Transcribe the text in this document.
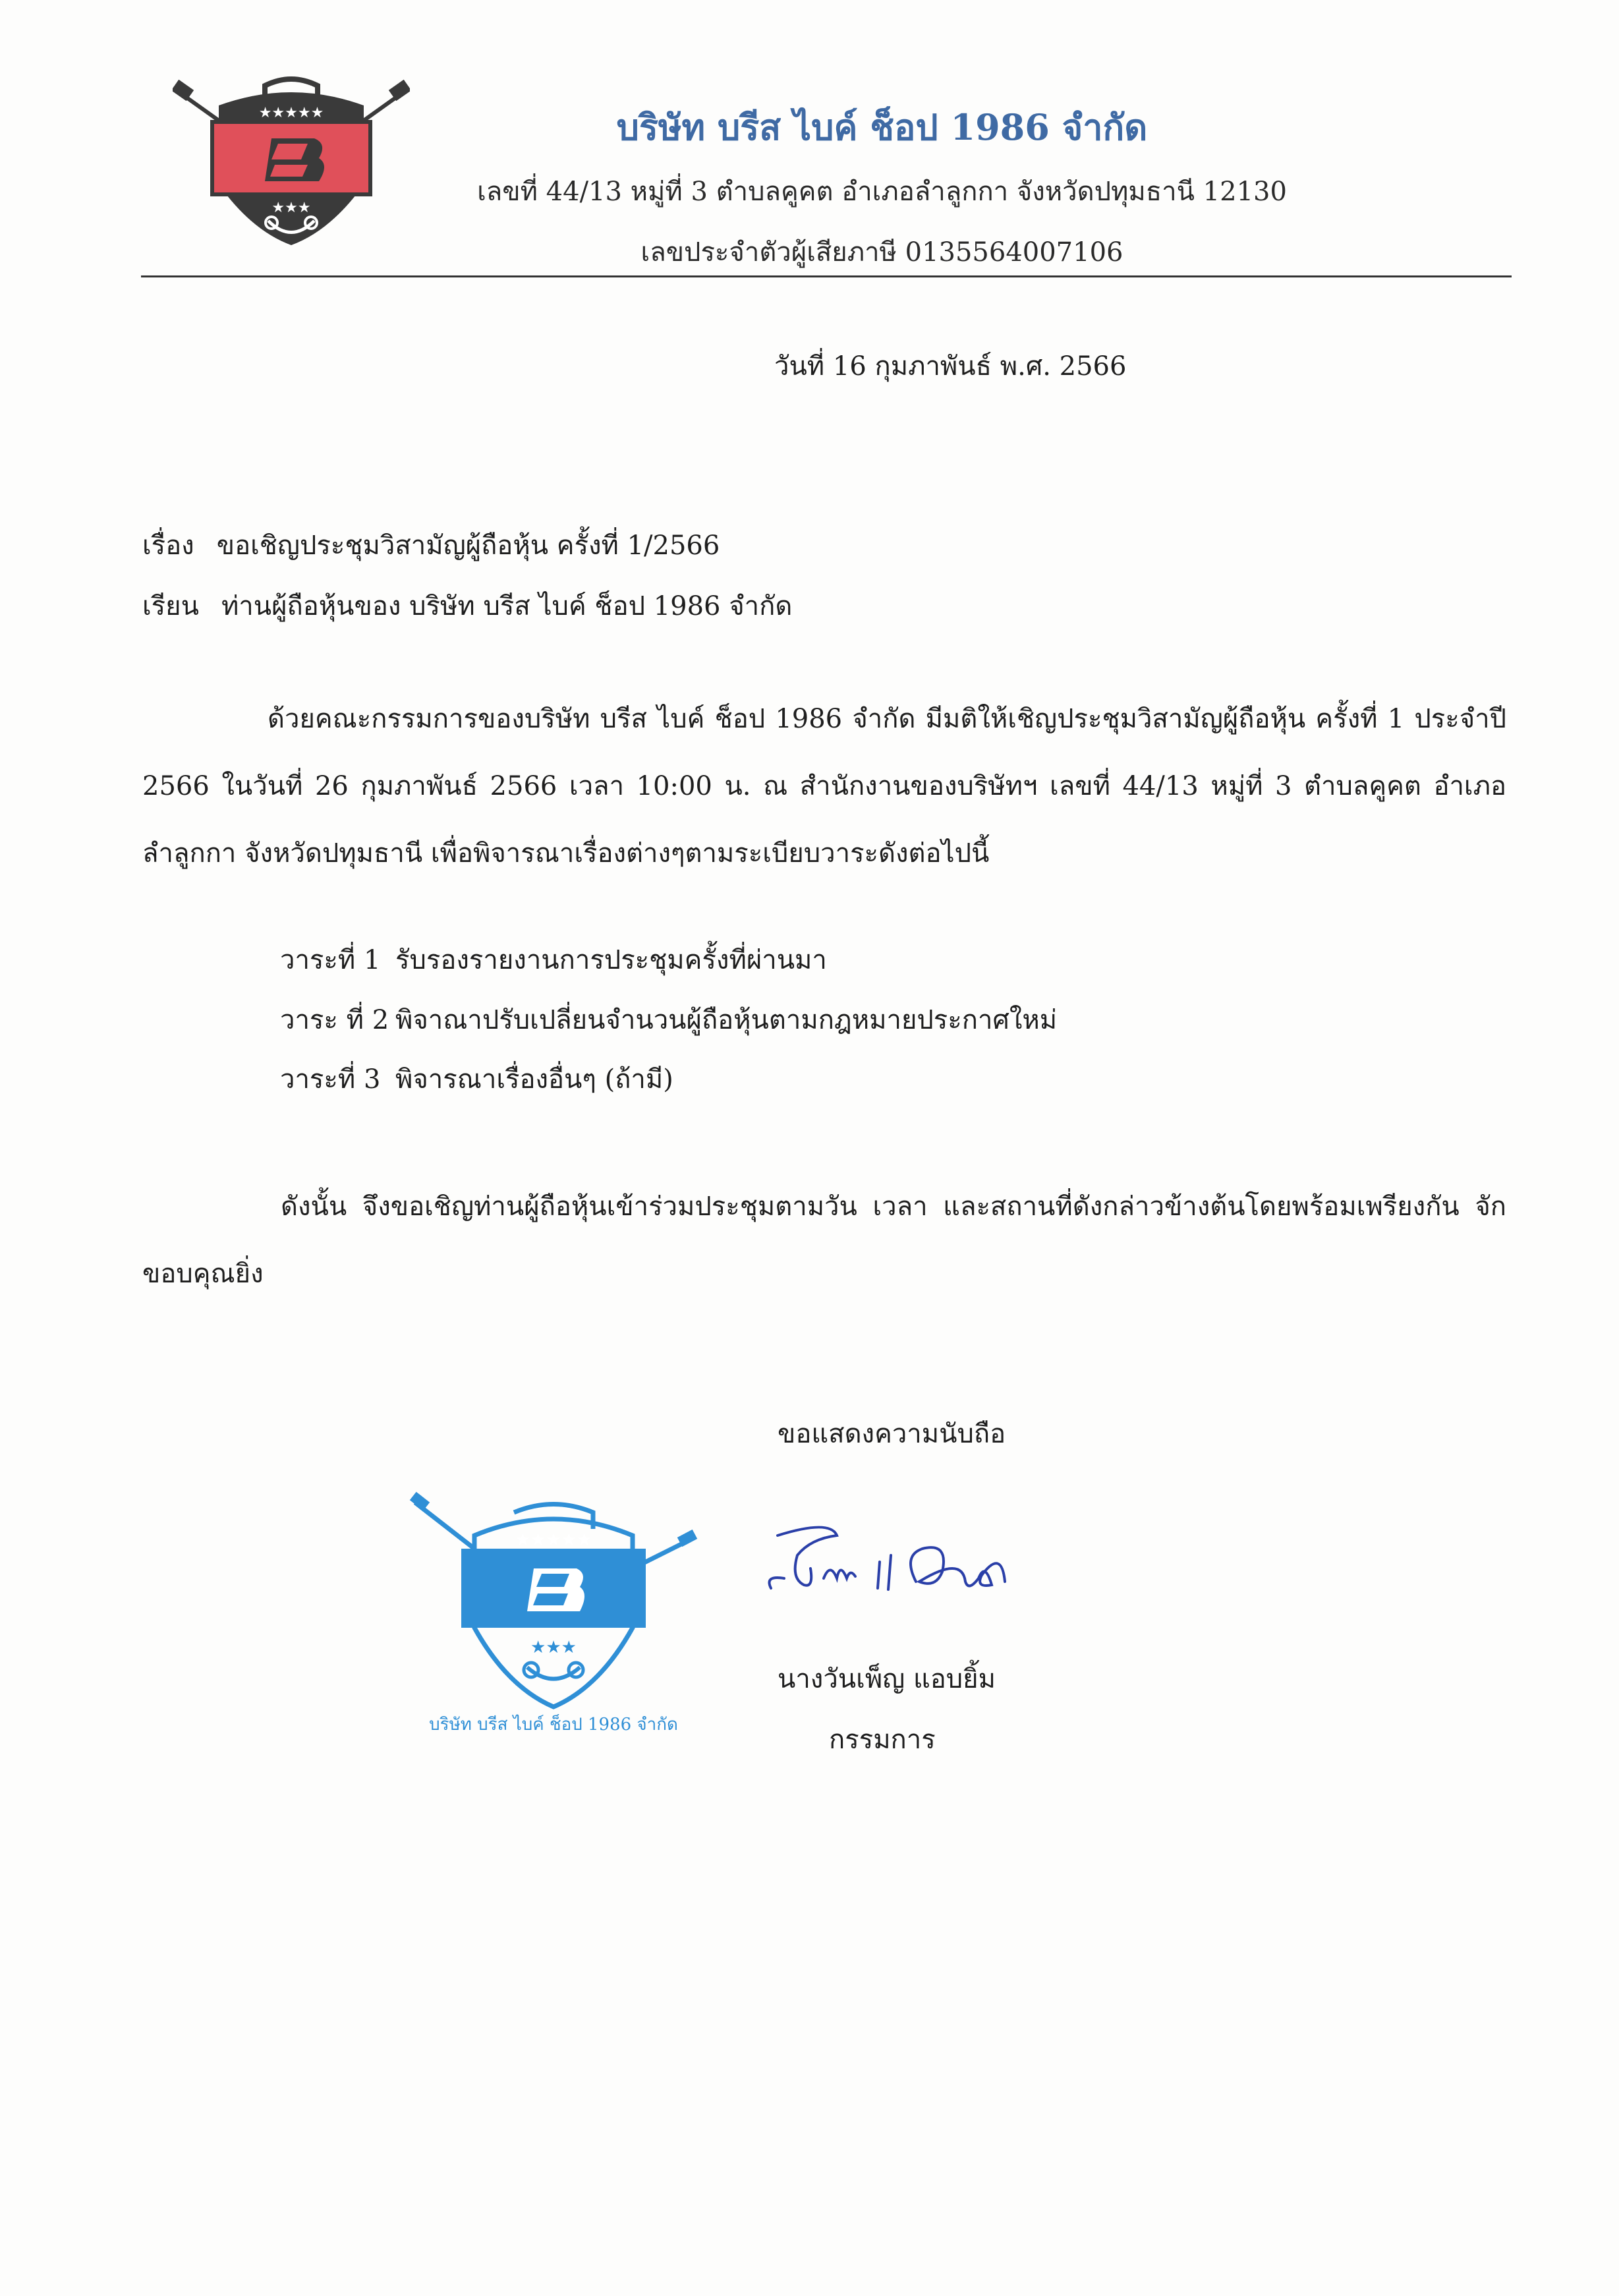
★★★★★
★★★
บริษัท บรีส ไบค์ ช็อป 1986 จำกัด
เลขที่ 44/13 หมู่ที่ 3 ตำบลคูคต อำเภอลำลูกกา จังหวัดปทุมธานี 12130
เลขประจำตัวผู้เสียภาษี 0135564007106
วันที่ 16 กุมภาพันธ์ พ.ศ. 2566
เรื่อง ขอเชิญประชุมวิสามัญผู้ถือหุ้น ครั้งที่ 1/2566
เรียน ท่านผู้ถือหุ้นของ บริษัท บรีส ไบค์ ช็อป 1986 จำกัด
ด้วยคณะกรรมการของบริษัท บรีส ไบค์ ช็อป 1986 จำกัด มีมติให้เชิญประชุมวิสามัญผู้ถือหุ้น ครั้งที่ 1 ประจำปี 2566 ในวันที่ 26 กุมภาพันธ์ 2566 เวลา 10:00 น. ณ สำนักงานของบริษัทฯ เลขที่ 44/13 หมู่ที่ 3 ตำบลคูคต อำเภอลำลูกกา จังหวัดปทุมธานี เพื่อพิจารณาเรื่องต่างๆตามระเบียบวาระดังต่อไปนี้
วาระที่ 1 รับรองรายงานการประชุมครั้งที่ผ่านมา
วาระ ที่ 2 พิจาณาปรับเปลี่ยนจำนวนผู้ถือหุ้นตามกฎหมายประกาศใหม่
วาระที่ 3 พิจารณาเรื่องอื่นๆ (ถ้ามี)
ดังนั้น จึงขอเชิญท่านผู้ถือหุ้นเข้าร่วมประชุมตามวัน เวลา และสถานที่ดังกล่าวข้างต้นโดยพร้อมเพรียงกัน จักขอบคุณยิ่ง
ขอแสดงความนับถือ
★★★★★
★★★
บริษัท บรีส ไบค์ ช็อป 1986 จำกัด
นางวันเพ็ญ แอบยิ้ม
กรรมการ
